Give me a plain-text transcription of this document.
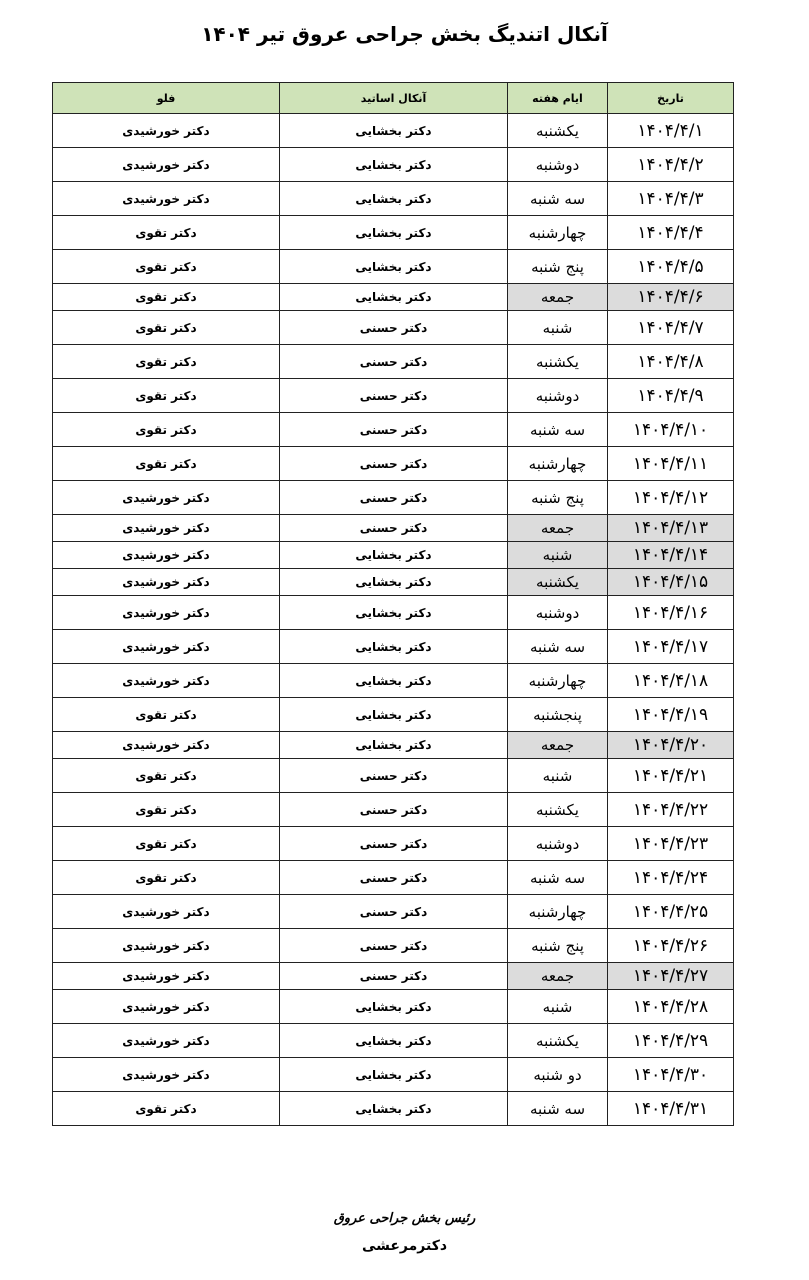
آنکال اتندیگ بخش جراحی عروق تیر ۱۴۰۴
تاریخ	ایام هفته	آنکال اساتید	فلو
۱۴۰۴/۴/۱	یکشنبه	دکتر بخشایی	دکتر خورشیدی
۱۴۰۴/۴/۲	دوشنبه	دکتر بخشایی	دکتر خورشیدی
۱۴۰۴/۴/۳	سه شنبه	دکتر بخشایی	دکتر خورشیدی
۱۴۰۴/۴/۴	چهارشنبه	دکتر بخشایی	دکتر تقوی
۱۴۰۴/۴/۵	پنج شنبه	دکتر بخشایی	دکتر تقوی
۱۴۰۴/۴/۶	جمعه	دکتر بخشایی	دکتر تقوی
۱۴۰۴/۴/۷	شنبه	دکتر حسنی	دکتر تقوی
۱۴۰۴/۴/۸	یکشنبه	دکتر حسنی	دکتر تقوی
۱۴۰۴/۴/۹	دوشنبه	دکتر حسنی	دکتر تقوی
۱۴۰۴/۴/۱۰	سه شنبه	دکتر حسنی	دکتر تقوی
۱۴۰۴/۴/۱۱	چهارشنبه	دکتر حسنی	دکتر تقوی
۱۴۰۴/۴/۱۲	پنج شنبه	دکتر حسنی	دکتر خورشیدی
۱۴۰۴/۴/۱۳	جمعه	دکتر حسنی	دکتر خورشیدی
۱۴۰۴/۴/۱۴	شنبه	دکتر بخشایی	دکتر خورشیدی
۱۴۰۴/۴/۱۵	یکشنبه	دکتر بخشایی	دکتر خورشیدی
۱۴۰۴/۴/۱۶	دوشنبه	دکتر بخشایی	دکتر خورشیدی
۱۴۰۴/۴/۱۷	سه شنبه	دکتر بخشایی	دکتر خورشیدی
۱۴۰۴/۴/۱۸	چهارشنبه	دکتر بخشایی	دکتر خورشیدی
۱۴۰۴/۴/۱۹	پنجشنبه	دکتر بخشایی	دکتر تقوی
۱۴۰۴/۴/۲۰	جمعه	دکتر بخشایی	دکتر خورشیدی
۱۴۰۴/۴/۲۱	شنبه	دکتر حسنی	دکتر تقوی
۱۴۰۴/۴/۲۲	یکشنبه	دکتر حسنی	دکتر تقوی
۱۴۰۴/۴/۲۳	دوشنبه	دکتر حسنی	دکتر تقوی
۱۴۰۴/۴/۲۴	سه شنبه	دکتر حسنی	دکتر تقوی
۱۴۰۴/۴/۲۵	چهارشنبه	دکتر حسنی	دکتر خورشیدی
۱۴۰۴/۴/۲۶	پنج شنبه	دکتر حسنی	دکتر خورشیدی
۱۴۰۴/۴/۲۷	جمعه	دکتر حسنی	دکتر خورشیدی
۱۴۰۴/۴/۲۸	شنبه	دکتر بخشایی	دکتر خورشیدی
۱۴۰۴/۴/۲۹	یکشنبه	دکتر بخشایی	دکتر خورشیدی
۱۴۰۴/۴/۳۰	دو شنبه	دکتر بخشایی	دکتر خورشیدی
۱۴۰۴/۴/۳۱	سه شنبه	دکتر بخشایی	دکتر تقوی
رئیس بخش جراحی عروق
دکترمرعشی
